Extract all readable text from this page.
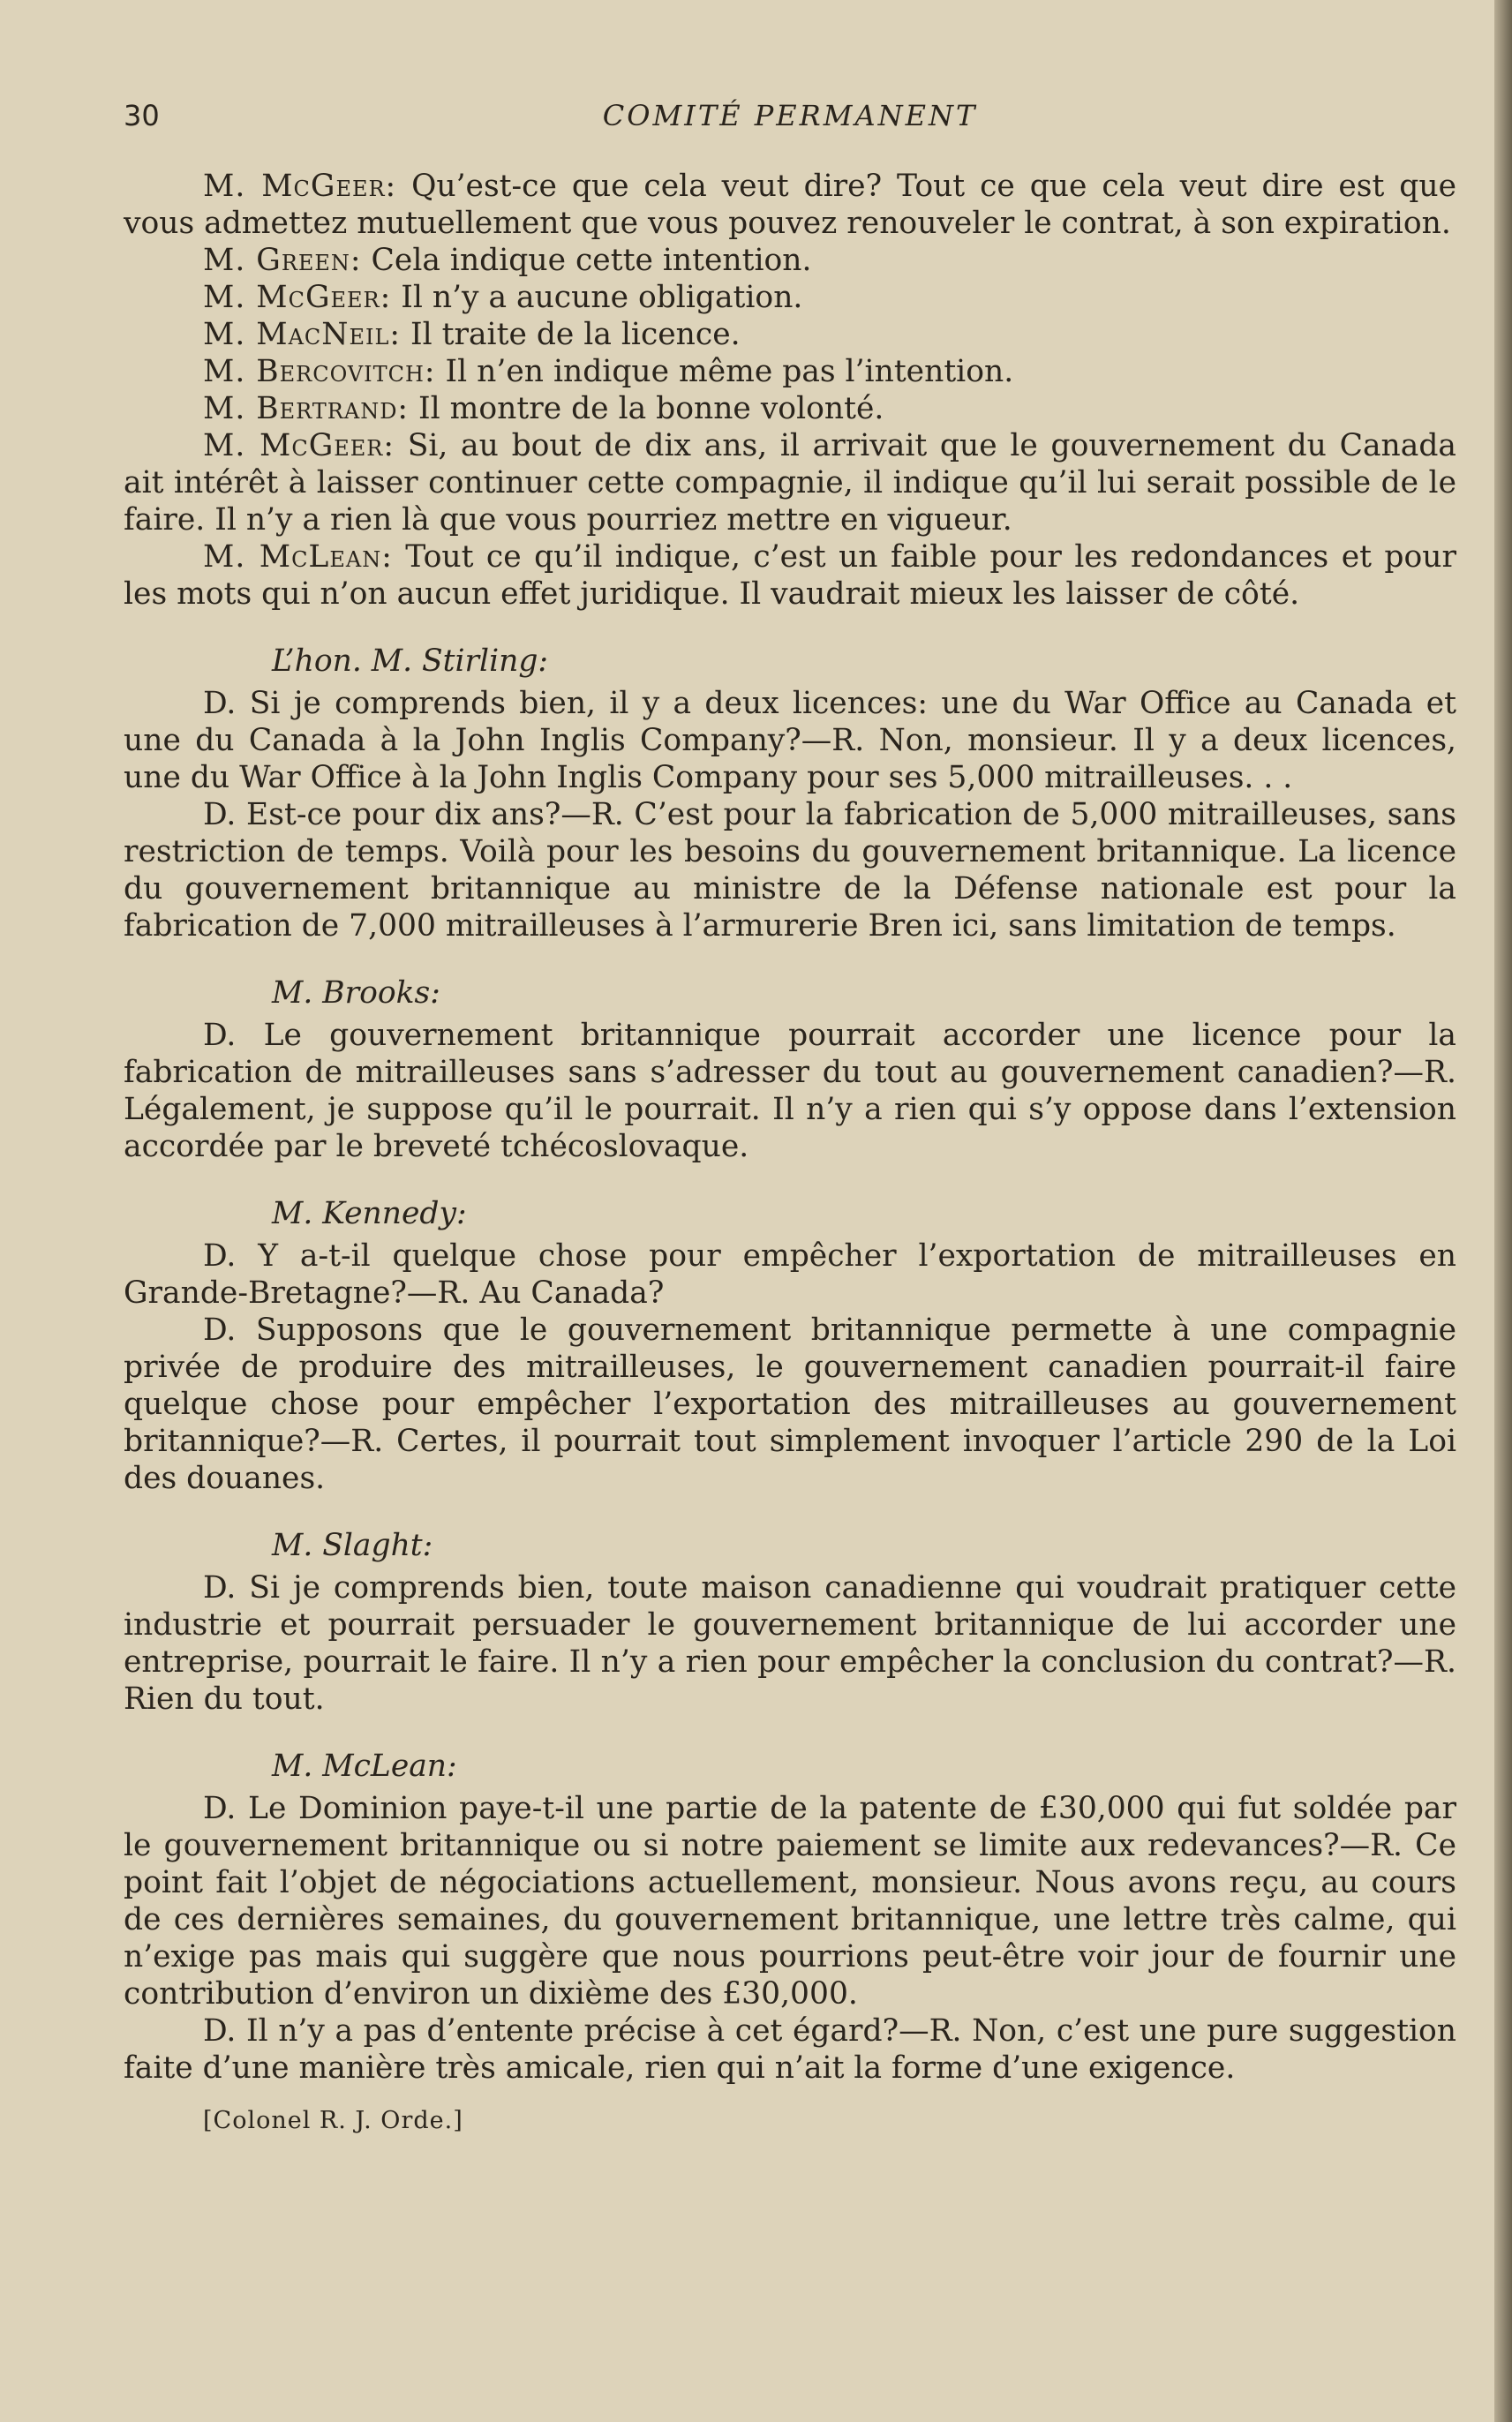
30	COMITÉ PERMANENT

M. McGeer: Qu’est-ce que cela veut dire? Tout ce que cela veut dire est que vous admettez mutuellement que vous pouvez renouveler le contrat, à son expiration.

M. Green: Cela indique cette intention.

M. McGeer: Il n’y a aucune obligation.

M. MacNeil: Il traite de la licence.

M. Bercovitch: Il n’en indique même pas l’intention.

M. Bertrand: Il montre de la bonne volonté.

M. McGeer: Si, au bout de dix ans, il arrivait que le gouvernement du Canada ait intérêt à laisser continuer cette compagnie, il indique qu’il lui serait possible de le faire. Il n’y a rien là que vous pourriez mettre en vigueur.

M. McLean: Tout ce qu’il indique, c’est un faible pour les redondances et pour les mots qui n’on aucun effet juridique. Il vaudrait mieux les laisser de côté.

L’hon. M. Stirling:

D. Si je comprends bien, il y a deux licences: une du War Office au Canada et une du Canada à la John Inglis Company?—R. Non, monsieur. Il y a deux licences, une du War Office à la John Inglis Company pour ses 5,000 mitrailleuses. . .

D. Est-ce pour dix ans?—R. C’est pour la fabrication de 5,000 mitrailleuses, sans restriction de temps. Voilà pour les besoins du gouvernement britannique. La licence du gouvernement britannique au ministre de la Défense nationale est pour la fabrication de 7,000 mitrailleuses à l’armurerie Bren ici, sans limitation de temps.

M. Brooks:

D. Le gouvernement britannique pourrait accorder une licence pour la fabrication de mitrailleuses sans s’adresser du tout au gouvernement canadien?—R. Légalement, je suppose qu’il le pourrait. Il n’y a rien qui s’y oppose dans l’extension accordée par le breveté tchécoslovaque.

M. Kennedy:

D. Y a-t-il quelque chose pour empêcher l’exportation de mitrailleuses en Grande-Bretagne?—R. Au Canada?

D. Supposons que le gouvernement britannique permette à une compagnie privée de produire des mitrailleuses, le gouvernement canadien pourrait-il faire quelque chose pour empêcher l’exportation des mitrailleuses au gouvernement britannique?—R. Certes, il pourrait tout simplement invoquer l’article 290 de la Loi des douanes.

M. Slaght:

D. Si je comprends bien, toute maison canadienne qui voudrait pratiquer cette industrie et pourrait persuader le gouvernement britannique de lui accorder une entreprise, pourrait le faire. Il n’y a rien pour empêcher la conclusion du contrat?—R. Rien du tout.

M. McLean:

D. Le Dominion paye-t-il une partie de la patente de £30,000 qui fut soldée par le gouvernement britannique ou si notre paiement se limite aux redevances?—R. Ce point fait l’objet de négociations actuellement, monsieur. Nous avons reçu, au cours de ces dernières semaines, du gouvernement britannique, une lettre très calme, qui n’exige pas mais qui suggère que nous pourrions peut-être voir jour de fournir une contribution d’environ un dixième des £30,000.

D. Il n’y a pas d’entente précise à cet égard?—R. Non, c’est une pure suggestion faite d’une manière très amicale, rien qui n’ait la forme d’une exigence.

[Colonel R. J. Orde.]
